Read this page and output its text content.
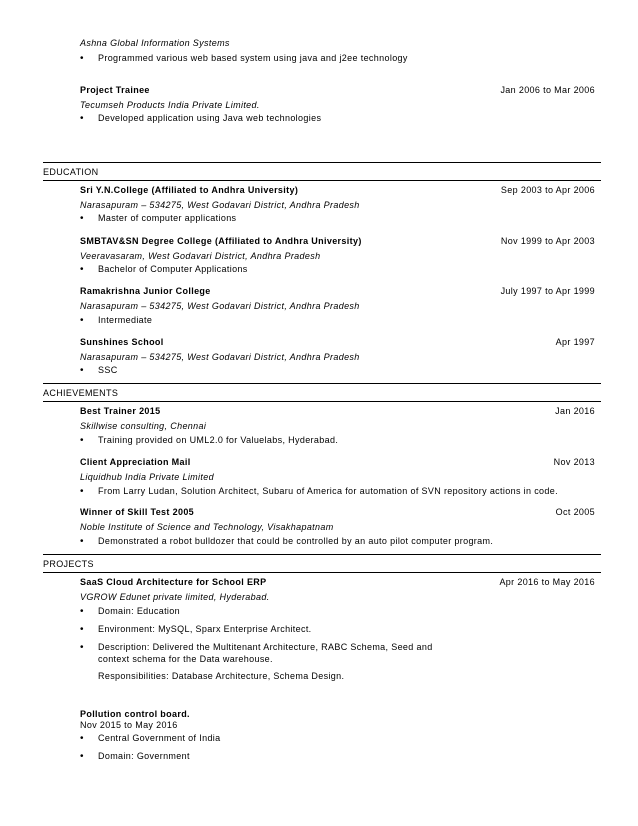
Ashna Global Information Systems
• Programmed various web based system using java and j2ee technology
Project Trainee	Jan 2006 to Mar 2006
Tecumseh Products India Private Limited.
• Developed application using Java web technologies
EDUCATION
Sri Y.N.College (Affiliated to Andhra University)	Sep 2003 to Apr 2006
Narasapuram – 534275, West Godavari District, Andhra Pradesh
• Master of computer applications
SMBTAV&SN Degree College (Affiliated to Andhra University)	Nov 1999 to Apr 2003
Veeravasaram, West Godavari District, Andhra Pradesh
• Bachelor of Computer Applications
Ramakrishna Junior College	July 1997 to Apr 1999
Narasapuram – 534275, West Godavari District, Andhra Pradesh
• Intermediate
Sunshines School	Apr 1997
Narasapuram – 534275, West Godavari District, Andhra Pradesh
• SSC
ACHIEVEMENTS
Best Trainer 2015	Jan 2016
Skillwise consulting, Chennai
• Training provided on UML2.0 for Valuelabs, Hyderabad.
Client Appreciation Mail	Nov 2013
Liquidhub India Private Limited
• From Larry Ludan, Solution Architect, Subaru of America for automation of SVN repository actions in code.
Winner of Skill Test 2005	Oct 2005
Noble Institute of Science and Technology, Visakhapatnam
• Demonstrated a robot bulldozer that could be controlled by an auto pilot computer program.
PROJECTS
SaaS Cloud Architecture for School ERP	Apr 2016 to May 2016
VGROW Edunet private limited, Hyderabad.
• Domain: Education
• Environment: MySQL, Sparx Enterprise Architect.
• Description: Delivered the Multitenant Architecture, RABC Schema, Seed and
context schema for the Data warehouse.
Responsibilities: Database Architecture, Schema Design.
Pollution control board.
Nov 2015 to May 2016
• Central Government of India
• Domain: Government
